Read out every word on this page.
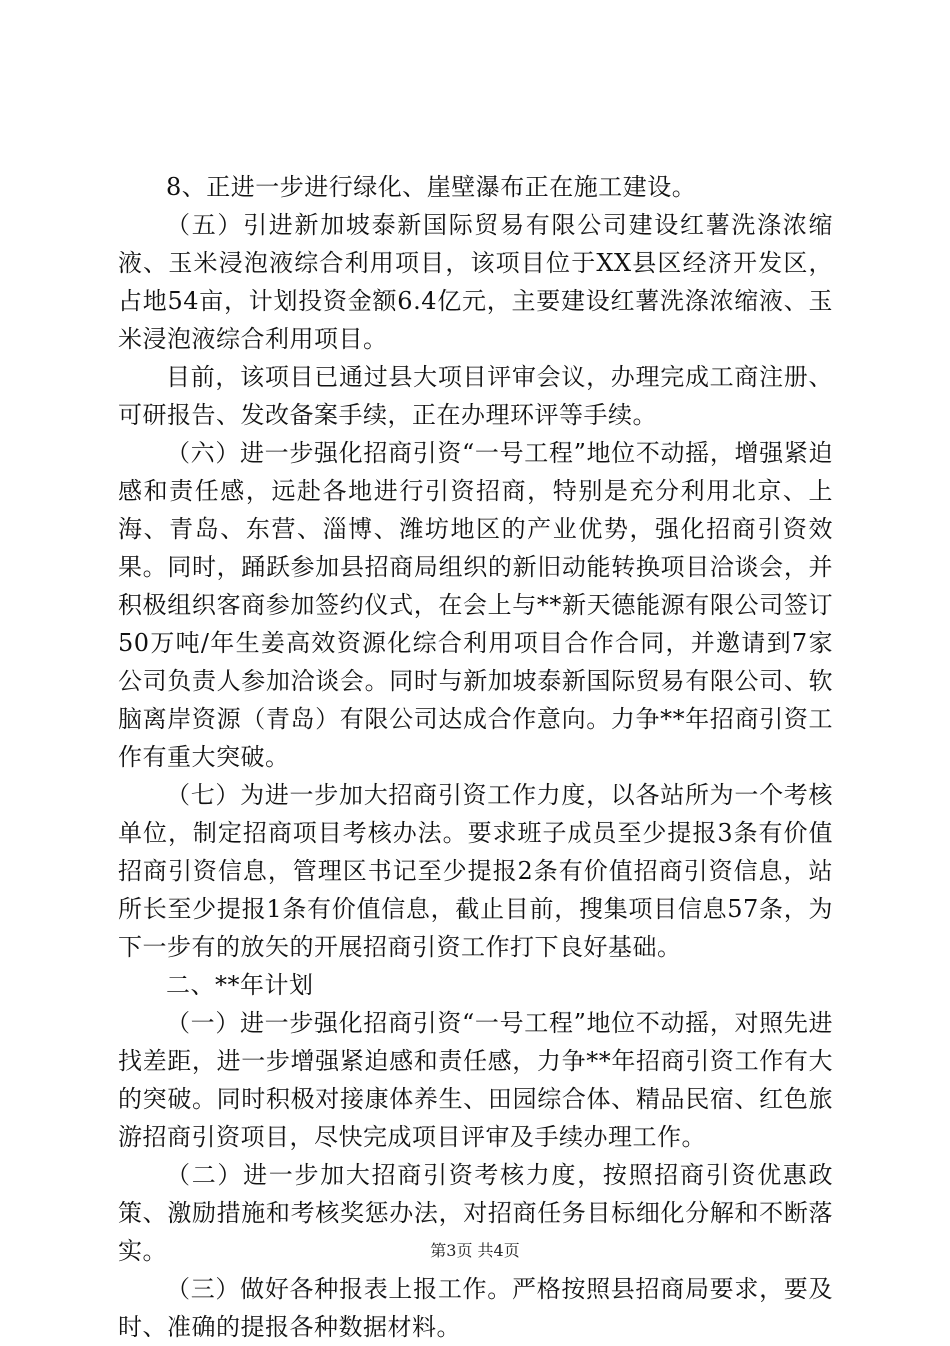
8、正进一步进行绿化、崖壁瀑布正在施工建设。

（五）引进新加坡泰新国际贸易有限公司建设红薯洗涤浓缩液、玉米浸泡液综合利用项目，该项目位于XX县区经济开发区，占地54亩，计划投资金额6.4亿元，主要建设红薯洗涤浓缩液、玉米浸泡液综合利用项目。

目前，该项目已通过县大项目评审会议，办理完成工商注册、可研报告、发改备案手续，正在办理环评等手续。

（六）进一步强化招商引资“一号工程”地位不动摇，增强紧迫感和责任感，远赴各地进行引资招商，特别是充分利用北京、上海、青岛、东营、淄博、潍坊地区的产业优势，强化招商引资效果。同时，踊跃参加县招商局组织的新旧动能转换项目洽谈会，并积极组织客商参加签约仪式，在会上与**新天德能源有限公司签订50万吨/年生姜高效资源化综合利用项目合作合同，并邀请到7家公司负责人参加洽谈会。同时与新加坡泰新国际贸易有限公司、软脑离岸资源（青岛）有限公司达成合作意向。力争**年招商引资工作有重大突破。

（七）为进一步加大招商引资工作力度，以各站所为一个考核单位，制定招商项目考核办法。要求班子成员至少提报3条有价值招商引资信息，管理区书记至少提报2条有价值招商引资信息，站所长至少提报1条有价值信息，截止目前，搜集项目信息57条，为下一步有的放矢的开展招商引资工作打下良好基础。

二、**年计划

（一）进一步强化招商引资“一号工程”地位不动摇，对照先进找差距，进一步增强紧迫感和责任感，力争**年招商引资工作有大的突破。同时积极对接康体养生、田园综合体、精品民宿、红色旅游招商引资项目，尽快完成项目评审及手续办理工作。

（二）进一步加大招商引资考核力度，按照招商引资优惠政策、激励措施和考核奖惩办法，对招商任务目标细化分解和不断落实。

（三）做好各种报表上报工作。严格按照县招商局要求，要及时、准确的提报各种数据材料。

第3页 共4页
